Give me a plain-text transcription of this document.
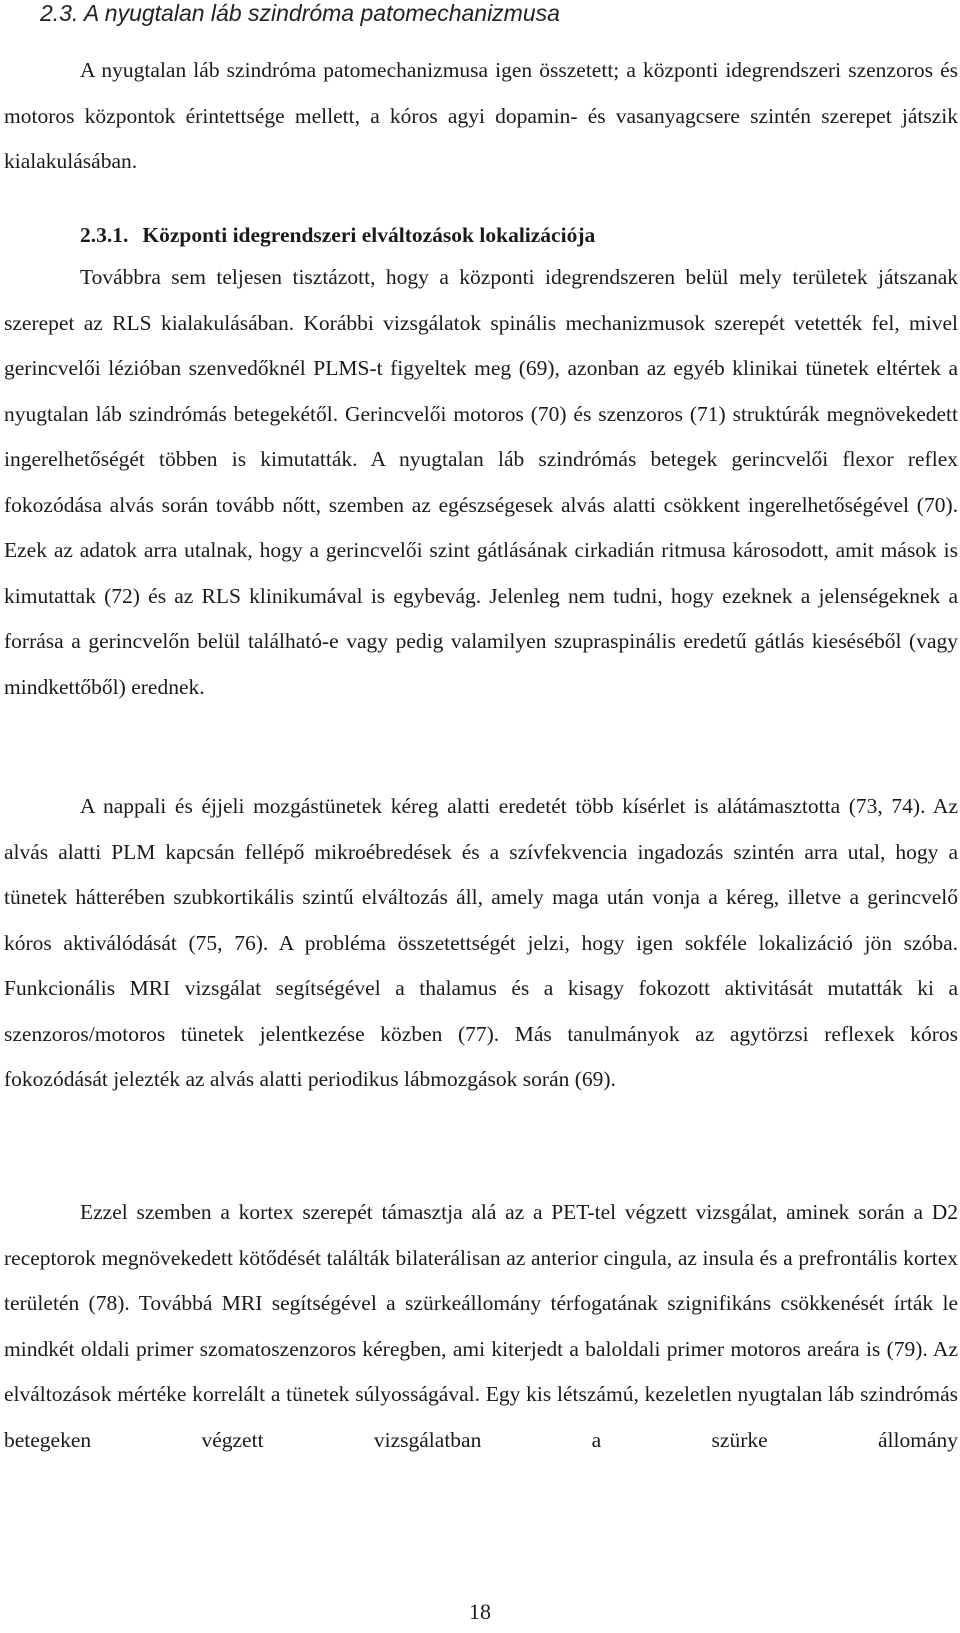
2.3. A nyugtalan láb szindróma patomechanizmusa

A nyugtalan láb szindróma patomechanizmusa igen összetett; a központi idegrendszeri szenzoros és motoros központok érintettsége mellett, a kóros agyi dopamin- és vasanyagcsere szintén szerepet játszik kialakulásában.

2.3.1. Központi idegrendszeri elváltozások lokalizációja

Továbbra sem teljesen tisztázott, hogy a központi idegrendszeren belül mely területek játszanak szerepet az RLS kialakulásában. Korábbi vizsgálatok spinális mechanizmusok szerepét vetették fel, mivel gerincvelői lézióban szenvedőknél PLMS-t figyeltek meg (69), azonban az egyéb klinikai tünetek eltértek a nyugtalan láb szindrómás betegekétől. Gerincvelői motoros (70) és szenzoros (71) struktúrák megnövekedett ingerelhetőségét többen is kimutatták. A nyugtalan láb szindrómás betegek gerincvelői flexor reflex fokozódása alvás során tovább nőtt, szemben az egészségesek alvás alatti csökkent ingerelhetőségével (70). Ezek az adatok arra utalnak, hogy a gerincvelői szint gátlásának cirkadián ritmusa károsodott, amit mások is kimutattak (72) és az RLS klinikumával is egybevág. Jelenleg nem tudni, hogy ezeknek a jelenségeknek a forrása a gerincvelőn belül található-e vagy pedig valamilyen szupraspinális eredetű gátlás kieséséből (vagy mindkettőből) erednek.

A nappali és éjjeli mozgástünetek kéreg alatti eredetét több kísérlet is alátámasztotta (73, 74). Az alvás alatti PLM kapcsán fellépő mikroébredések és a szívfekvencia ingadozás szintén arra utal, hogy a tünetek hátterében szubkortikális szintű elváltozás áll, amely maga után vonja a kéreg, illetve a gerincvelő kóros aktiválódását (75, 76). A probléma összetettségét jelzi, hogy igen sokféle lokalizáció jön szóba. Funkcionális MRI vizsgálat segítségével a thalamus és a kisagy fokozott aktivitását mutatták ki a szenzoros/motoros tünetek jelentkezése közben (77). Más tanulmányok az agytörzsi reflexek kóros fokozódását jelezték az alvás alatti periodikus lábmozgások során (69).

Ezzel szemben a kortex szerepét támasztja alá az a PET-tel végzett vizsgálat, aminek során a D2 receptorok megnövekedett kötődését találták bilaterálisan az anterior cingula, az insula és a prefrontális kortex területén (78). Továbbá MRI segítségével a szürkeállomány térfogatának szignifikáns csökkenését írták le mindkét oldali primer szomatoszenzoros kéregben, ami kiterjedt a baloldali primer motoros areára is (79). Az elváltozások mértéke korrelált a tünetek súlyosságával. Egy kis létszámú, kezeletlen nyugtalan láb szindrómás betegeken végzett vizsgálatban a szürke állomány

18
